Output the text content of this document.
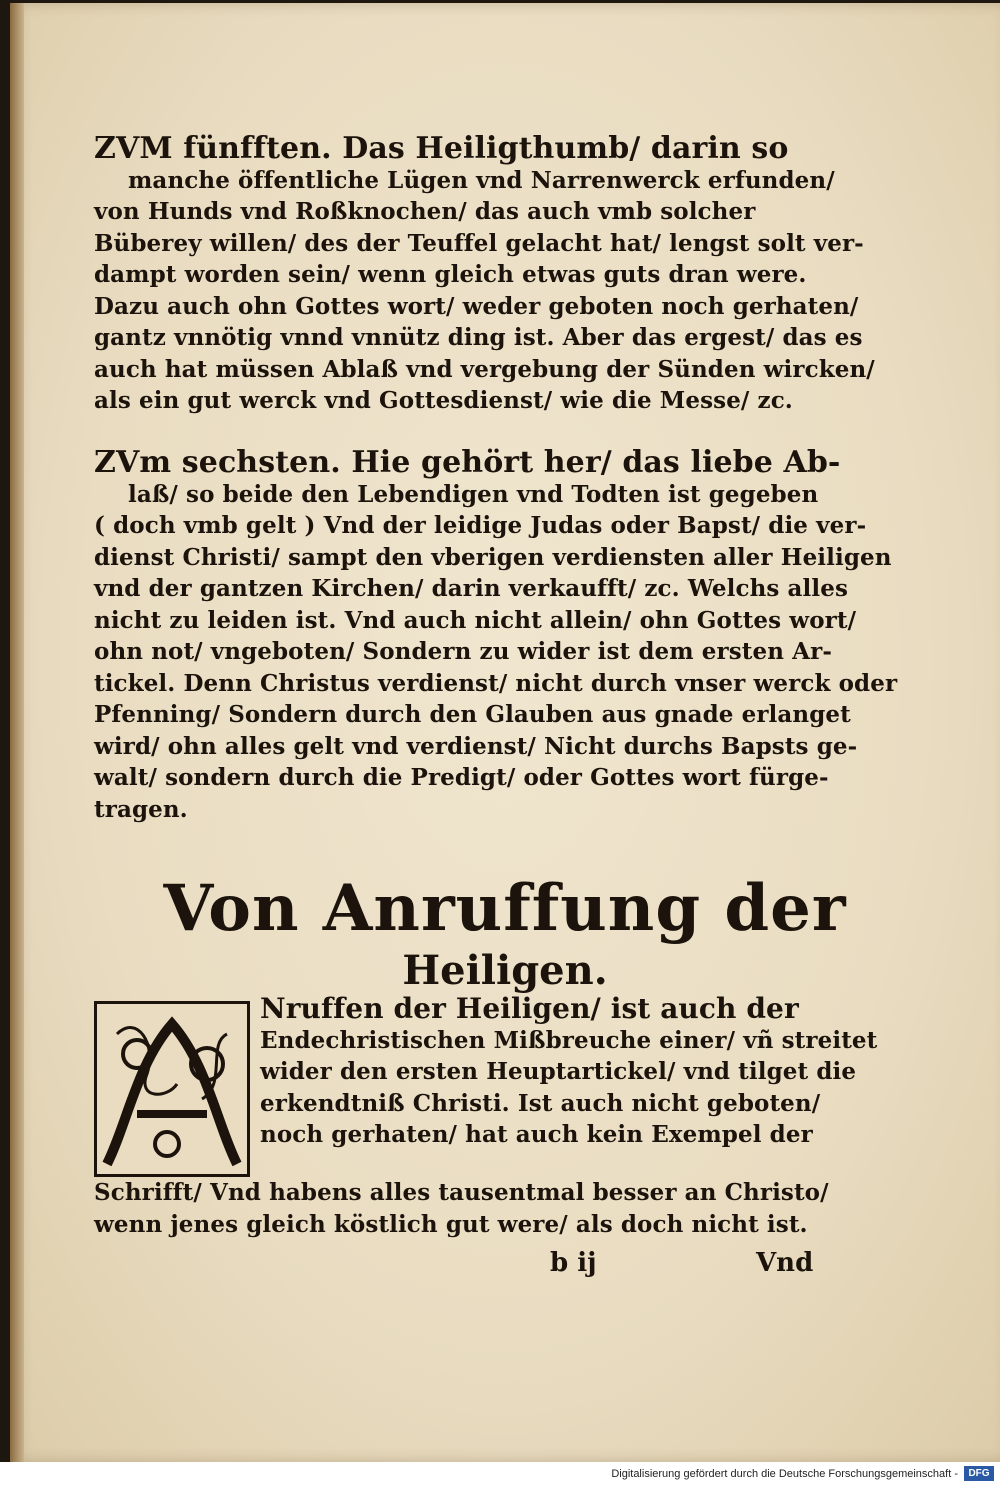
ZVM fünfften. Das Heiligthumb/ darin so
manche öffentliche Lügen vnd Narrenwerck erfunden/
von Hunds vnd Roßknochen/ das auch vmb solcher
Büberey willen/ des der Teuffel gelacht hat/ lengst solt ver-
dampt worden sein/ wenn gleich etwas guts dran were.
Dazu auch ohn Gottes wort/ weder geboten noch gerhaten/
gantz vnnötig vnnd vnnütz ding ist. Aber das ergest/ das es
auch hat müssen Ablaß vnd vergebung der Sünden wircken/
als ein gut werck vnd Gottesdienst/ wie die Messe/ zc.
ZVm sechsten. Hie gehört her/ das liebe Ab-
laß/ so beide den Lebendigen vnd Todten ist gegeben
( doch vmb gelt ) Vnd der leidige Judas oder Bapst/ die ver-
dienst Christi/ sampt den vberigen verdiensten aller Heiligen
vnd der gantzen Kirchen/ darin verkaufft/ zc. Welchs alles
nicht zu leiden ist. Vnd auch nicht allein/ ohn Gottes wort/
ohn not/ vngeboten/ Sondern zu wider ist dem ersten Ar-
tickel. Denn Christus verdienst/ nicht durch vnser werck oder
Pfenning/ Sondern durch den Glauben aus gnade erlanget
wird/ ohn alles gelt vnd verdienst/ Nicht durchs Bapsts ge-
walt/ sondern durch die Predigt/ oder Gottes wort fürge-
tragen.
Von Anruffung der
Heiligen.
Nruffen der Heiligen/ ist auch der
Endechristischen Mißbreuche einer/ vñ streitet
wider den ersten Heuptartickel/ vnd tilget die
erkendtniß Christi. Ist auch nicht geboten/
noch gerhaten/ hat auch kein Exempel der
Schrifft/ Vnd habens alles tausentmal besser an Christo/
wenn jenes gleich köstlich gut were/ als doch nicht ist.
b ij	Vnd
Digitalisierung gefördert durch die Deutsche Forschungsgemeinschaft -	DFG
